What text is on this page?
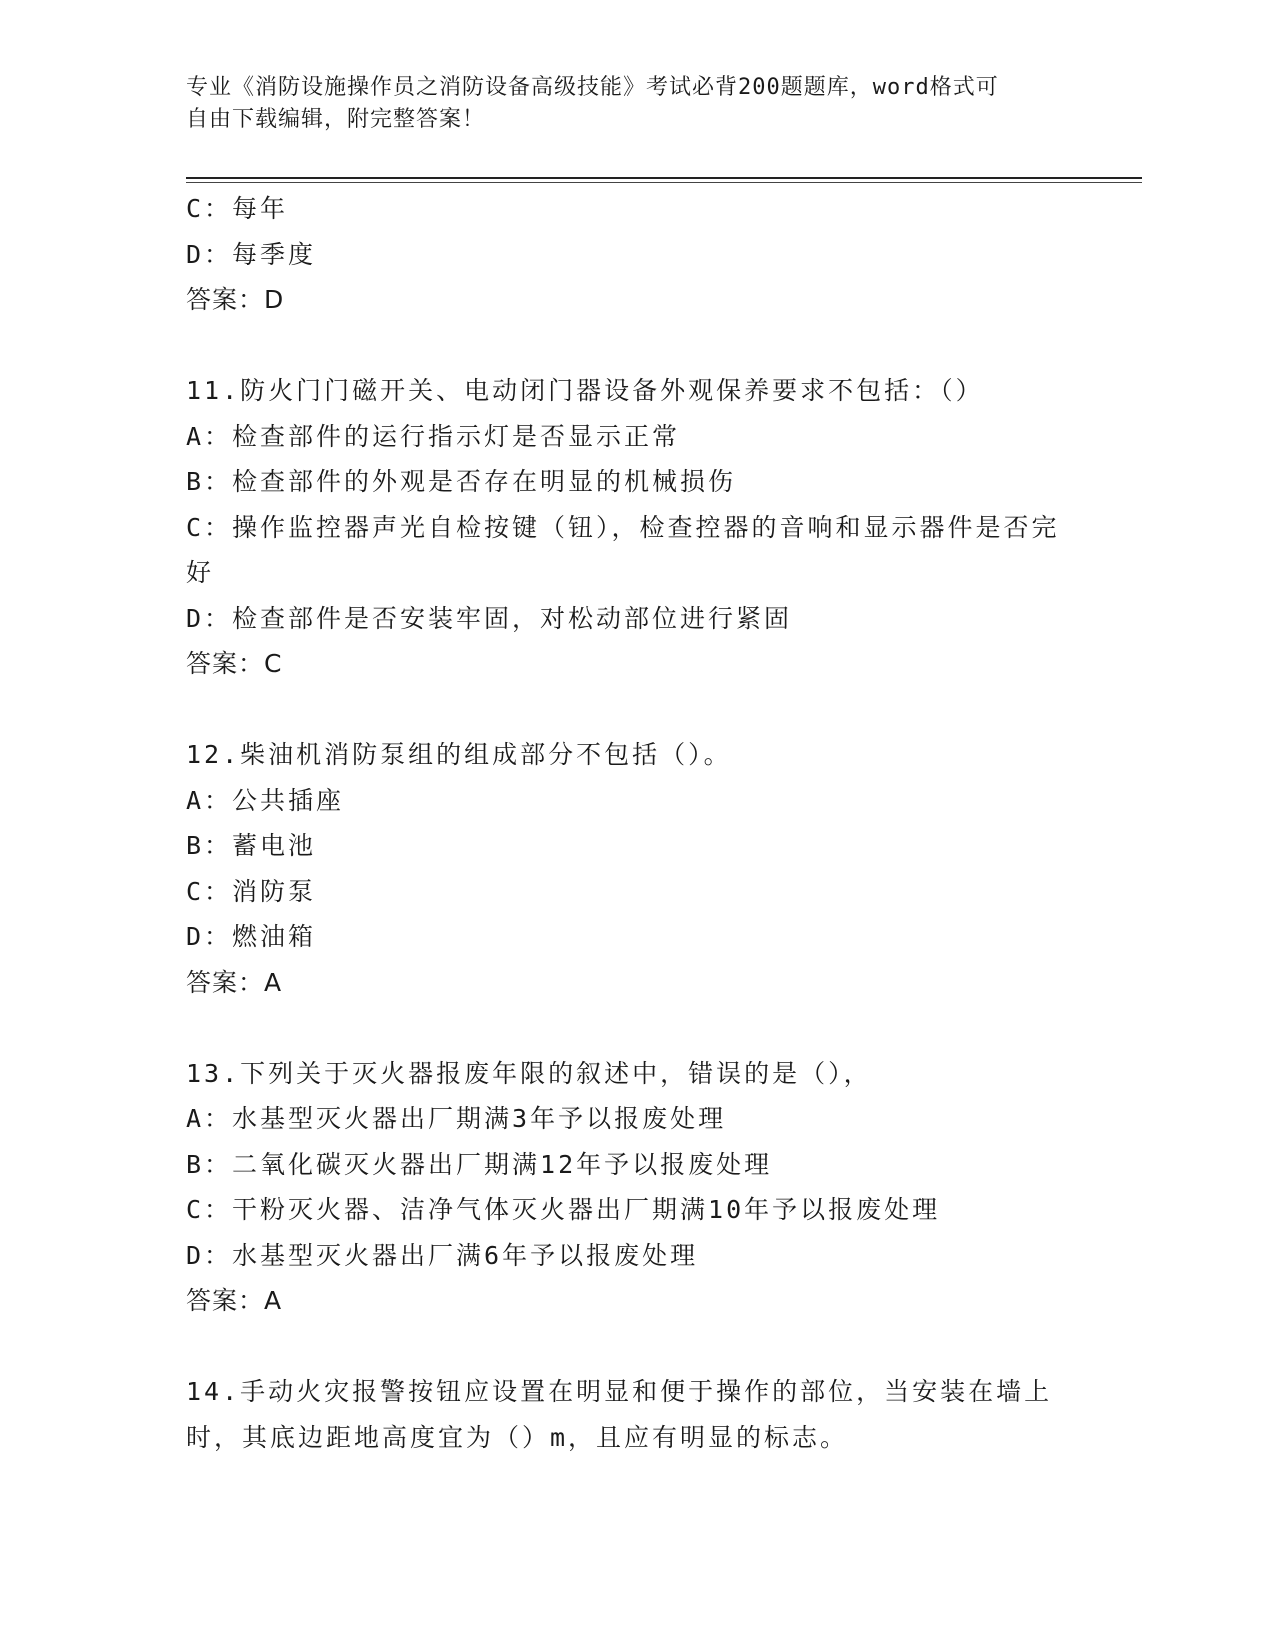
专业《消防设施操作员之消防设备高级技能》考试必背200题题库，word格式可
自由下载编辑，附完整答案！

C：每年

D：每季度

答案：D

11.防火门门磁开关、电动闭门器设备外观保养要求不包括：（）

A：检查部件的运行指示灯是否显示正常

B：检查部件的外观是否存在明显的机械损伤

C：操作监控器声光自检按键（钮），检查控器的音响和显示器件是否完好

D：检查部件是否安装牢固，对松动部位进行紧固

答案：C

12.柴油机消防泵组的组成部分不包括（）。

A：公共插座

B：蓄电池

C：消防泵

D：燃油箱

答案：A

13.下列关于灭火器报废年限的叙述中，错误的是（），

A：水基型灭火器出厂期满3年予以报废处理

B：二氧化碳灭火器出厂期满12年予以报废处理

C：干粉灭火器、洁净气体灭火器出厂期满10年予以报废处理

D：水基型灭火器出厂满6年予以报废处理

答案：A

14.手动火灾报警按钮应设置在明显和便于操作的部位，当安装在墙上时，其底边距地高度宜为（）m，且应有明显的标志。
